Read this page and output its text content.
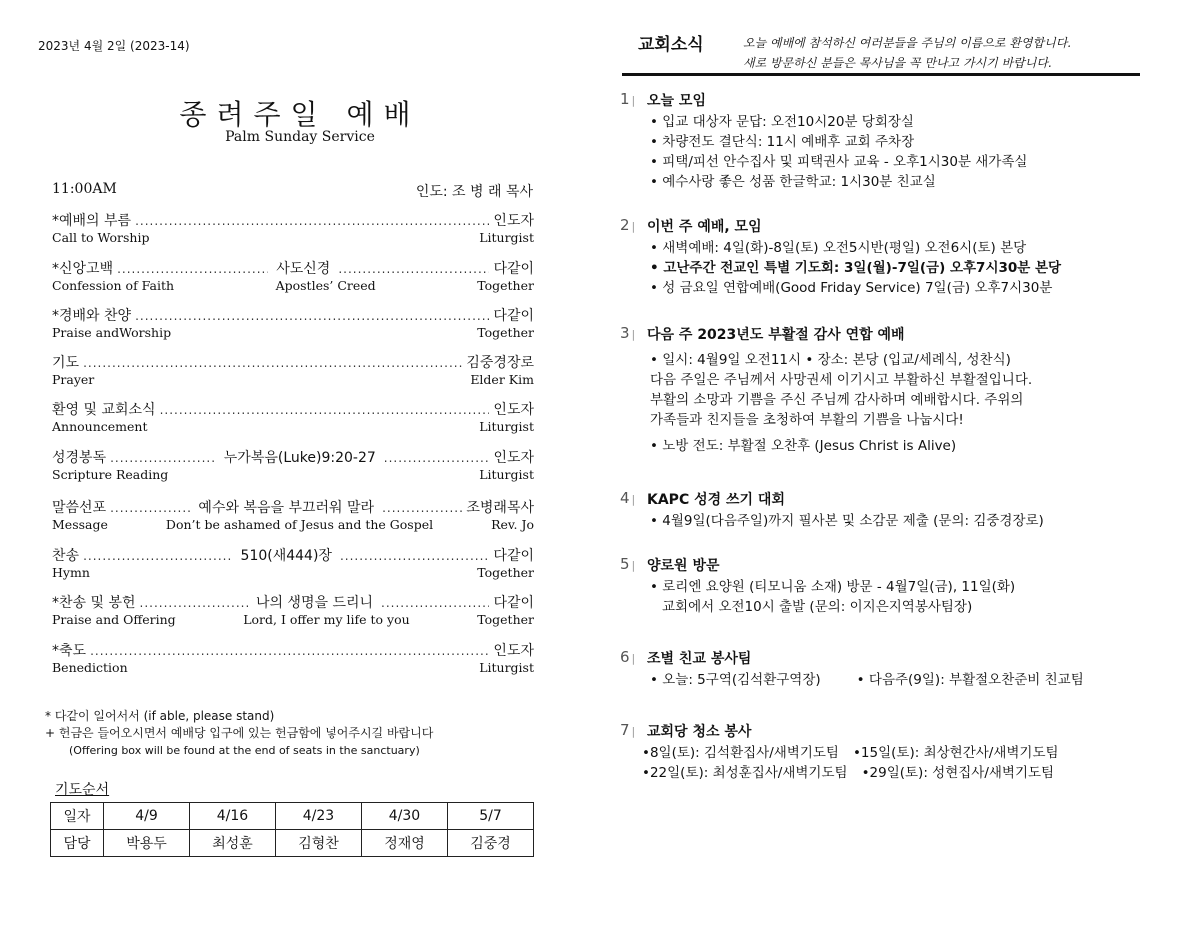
2023년 4월 2일 (2023-14)
종려주일 예배
Palm Sunday Service
11:00AM	인도: 조 병 래 목사
*예배의 부름 .....	인도자
Call to Worship	Liturgist
*신앙고백 .....	사도신경 .....	다같이
Confession of Faith	Apostles’ Creed	Together
*경배와 찬양 .....	다같이
Praise andWorship	Together
기도 .....	김중경장로
Prayer	Elder Kim
환영 및 교회소식 .....	인도자
Announcement	Liturgist
성경봉독 .....	누가복음(Luke)9:20-27 .....	인도자
Scripture Reading	Liturgist
말씀선포 .....	예수와 복음을 부끄러워 말라 .....	조병래목사
Message	Don’t be ashamed of Jesus and the Gospel	Rev. Jo
찬송 .....	510(새444)장 .....	다같이
Hymn	Together
*찬송 및 봉헌 .....	나의 생명을 드리니 .....	다같이
Praise and Offering	Lord, I offer my life to you	Together
*축도 .....	인도자
Benediction	Liturgist
* 다같이 일어서서 (if able, please stand)
+ 헌금은 들어오시면서 예배당 입구에 있는 헌금함에 넣어주시길 바랍니다
(Offering box will be found at the end of seats in the sanctuary)
기도순서
일자	4/9	4/16	4/23	4/30	5/7
담당	박용두	최성훈	김형찬	정재영	김중경
교회소식	오늘 예배에 참석하신 여러분들을 주님의 이름으로 환영합니다.
새로 방문하신 분들은 목사님을 꼭 만나고 가시기 바랍니다.
1 |	오늘 모임
• 입교 대상자 문답: 오전10시20분 당회장실
• 차량전도 결단식: 11시 예배후 교회 주차장
• 피택/피선 안수집사 및 피택권사 교육 - 오후1시30분 새가족실
• 예수사랑 좋은 성품 한글학교: 1시30분 친교실
2 |	이번 주 예배, 모임
• 새벽예배: 4일(화)-8일(토) 오전5시반(평일) 오전6시(토) 본당
• 고난주간 전교인 특별 기도회: 3일(월)-7일(금) 오후7시30분 본당
• 성 금요일 연합예배(Good Friday Service) 7일(금) 오후7시30분
3 |	다음 주 2023년도 부활절 감사 연합 예배
• 일시: 4월9일 오전11시 • 장소: 본당 (입교/세례식, 성찬식)
다음 주일은 주님께서 사망권세 이기시고 부활하신 부활절입니다.
부활의 소망과 기쁨을 주신 주님께 감사하며 예배합시다. 주위의
가족들과 친지들을 초청하여 부활의 기쁨을 나눕시다!
• 노방 전도: 부활절 오찬후 (Jesus Christ is Alive)
4 |	KAPC 성경 쓰기 대회
• 4월9일(다음주일)까지 필사본 및 소감문 제출 (문의: 김중경장로)
5 |	양로원 방문
• 로리엔 요양원 (티모니움 소재) 방문 - 4월7일(금), 11일(화)
교회에서 오전10시 출발 (문의: 이지은지역봉사팀장)
6 |	조별 친교 봉사팀
• 오늘: 5구역(김석환구역장)	• 다음주(9일): 부활절오찬준비 친교팀
7 |	교회당 청소 봉사
•8일(토): 김석환집사/새벽기도팀 •15일(토): 최상현간사/새벽기도팀
•22일(토): 최성훈집사/새벽기도팀 •29일(토): 성현집사/새벽기도팀
